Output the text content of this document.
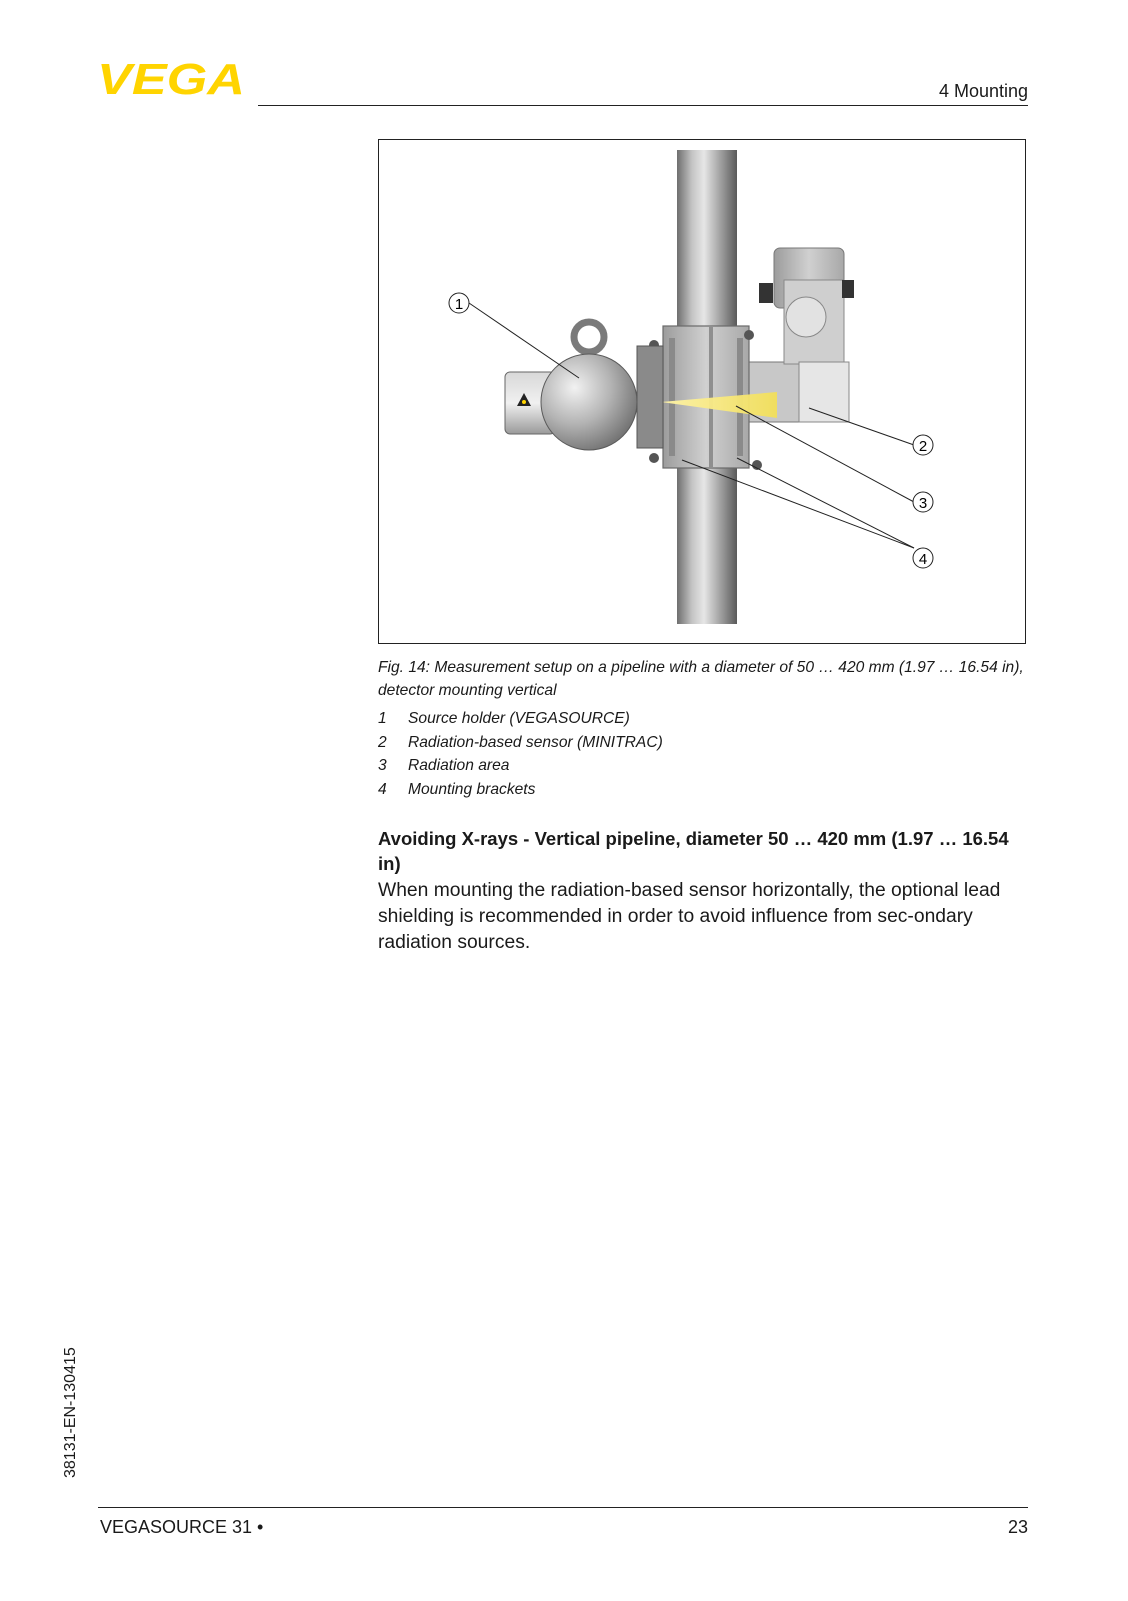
VEGA	4 Mounting
1
2
3
4
Fig. 14: Measurement setup on a pipeline with a diameter of 50 … 420 mm (1.97 … 16.54 in), detector mounting vertical
1	Source holder (VEGASOURCE)
2	Radiation-based sensor (MINITRAC)
3	Radiation area
4	Mounting brackets
Avoiding X-rays - Vertical pipeline, diameter 50 … 420 mm (1.97 … 16.54 in)
When mounting the radiation-based sensor horizontally, the optional lead shielding is recommended in order to avoid influence from sec-ondary radiation sources.
38131-EN-130415
VEGASOURCE 31 •	23
